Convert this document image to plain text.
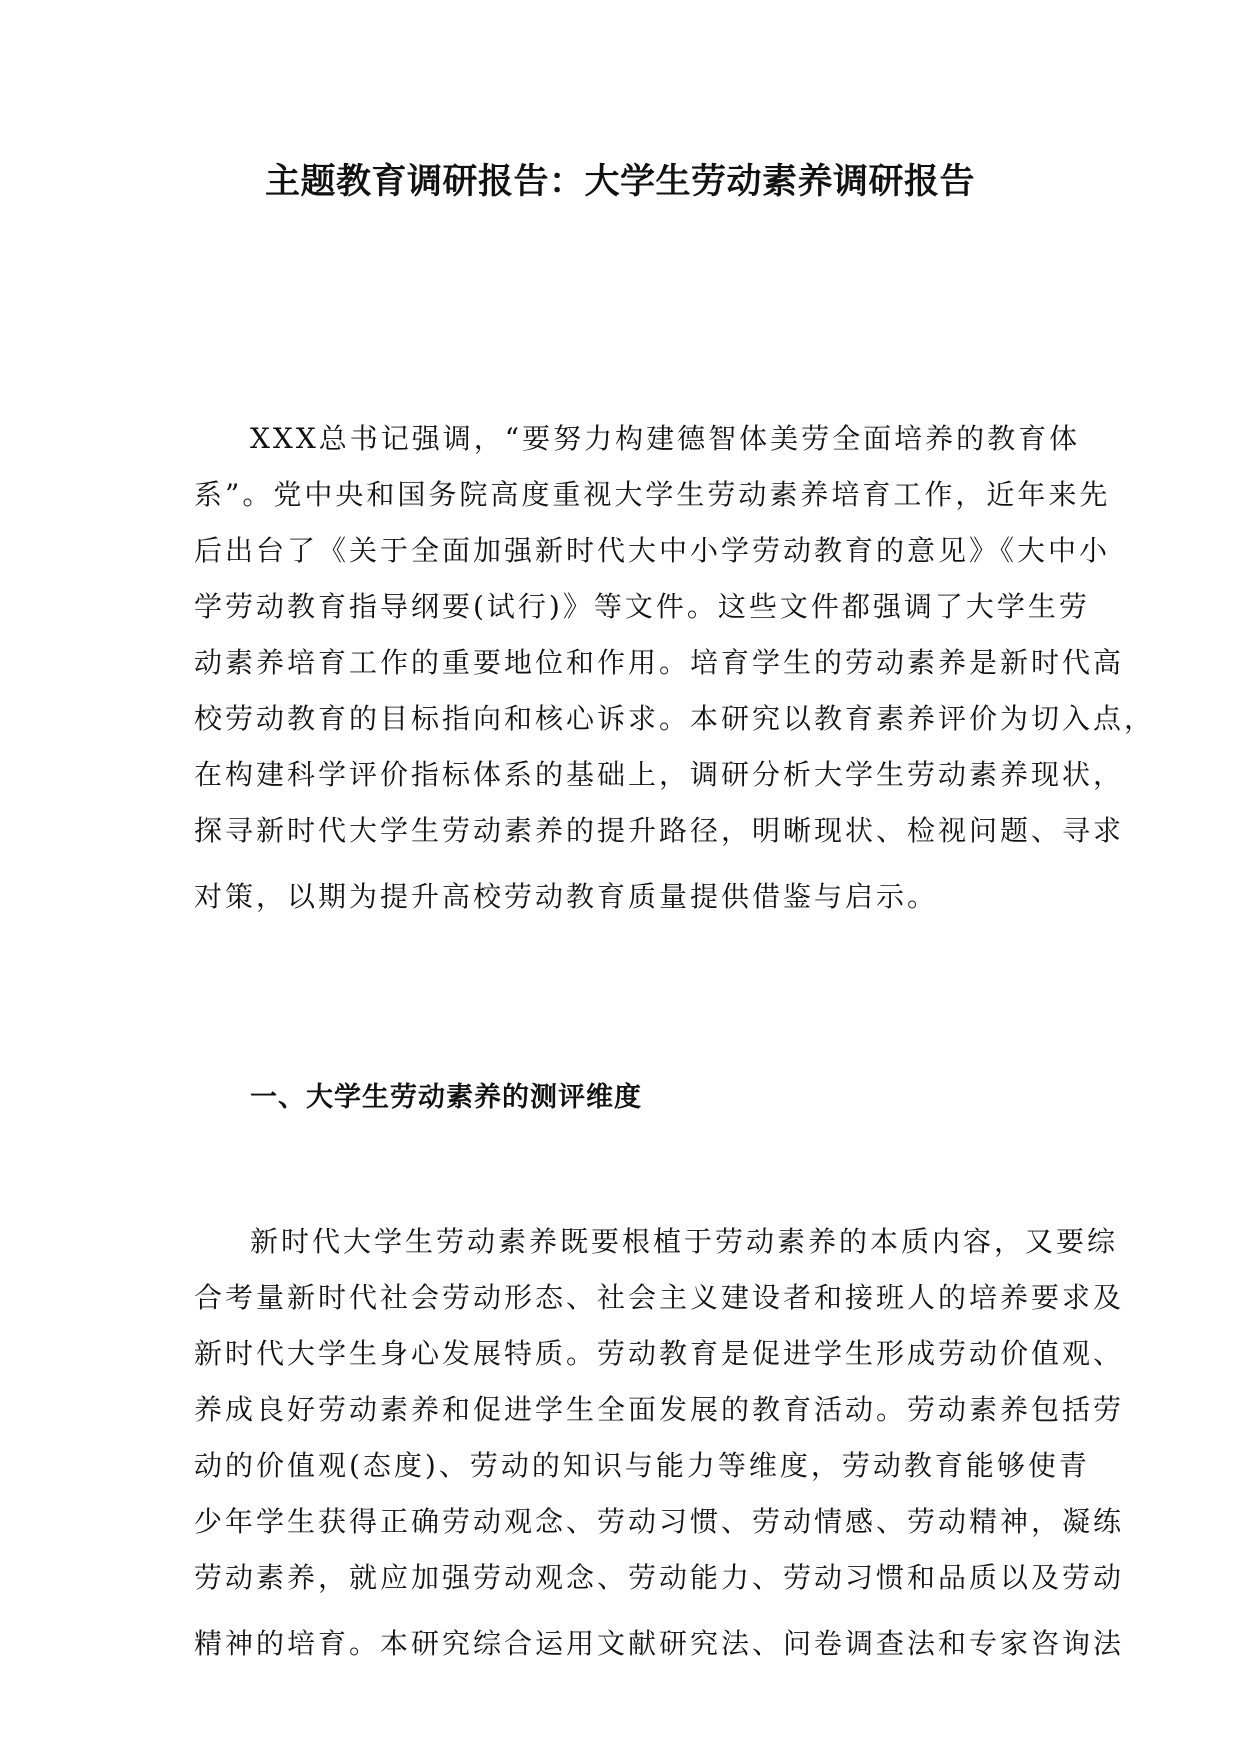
主题教育调研报告：大学生劳动素养调研报告
XXX总书记强调，“要努力构建德智体美劳全面培养的教育体
系”。党中央和国务院高度重视大学生劳动素养培育工作，近年来先
后出台了《关于全面加强新时代大中小学劳动教育的意见》《大中小
学劳动教育指导纲要(试行)》等文件。这些文件都强调了大学生劳
动素养培育工作的重要地位和作用。培育学生的劳动素养是新时代高
校劳动教育的目标指向和核心诉求。本研究以教育素养评价为切入点，
在构建科学评价指标体系的基础上，调研分析大学生劳动素养现状，
探寻新时代大学生劳动素养的提升路径，明晰现状、检视问题、寻求
对策，以期为提升高校劳动教育质量提供借鉴与启示。
一、大学生劳动素养的测评维度
新时代大学生劳动素养既要根植于劳动素养的本质内容，又要综
合考量新时代社会劳动形态、社会主义建设者和接班人的培养要求及
新时代大学生身心发展特质。劳动教育是促进学生形成劳动价值观、
养成良好劳动素养和促进学生全面发展的教育活动。劳动素养包括劳
动的价值观(态度)、劳动的知识与能力等维度，劳动教育能够使青
少年学生获得正确劳动观念、劳动习惯、劳动情感、劳动精神，凝练
劳动素养，就应加强劳动观念、劳动能力、劳动习惯和品质以及劳动
精神的培育。本研究综合运用文献研究法、问卷调查法和专家咨询法
